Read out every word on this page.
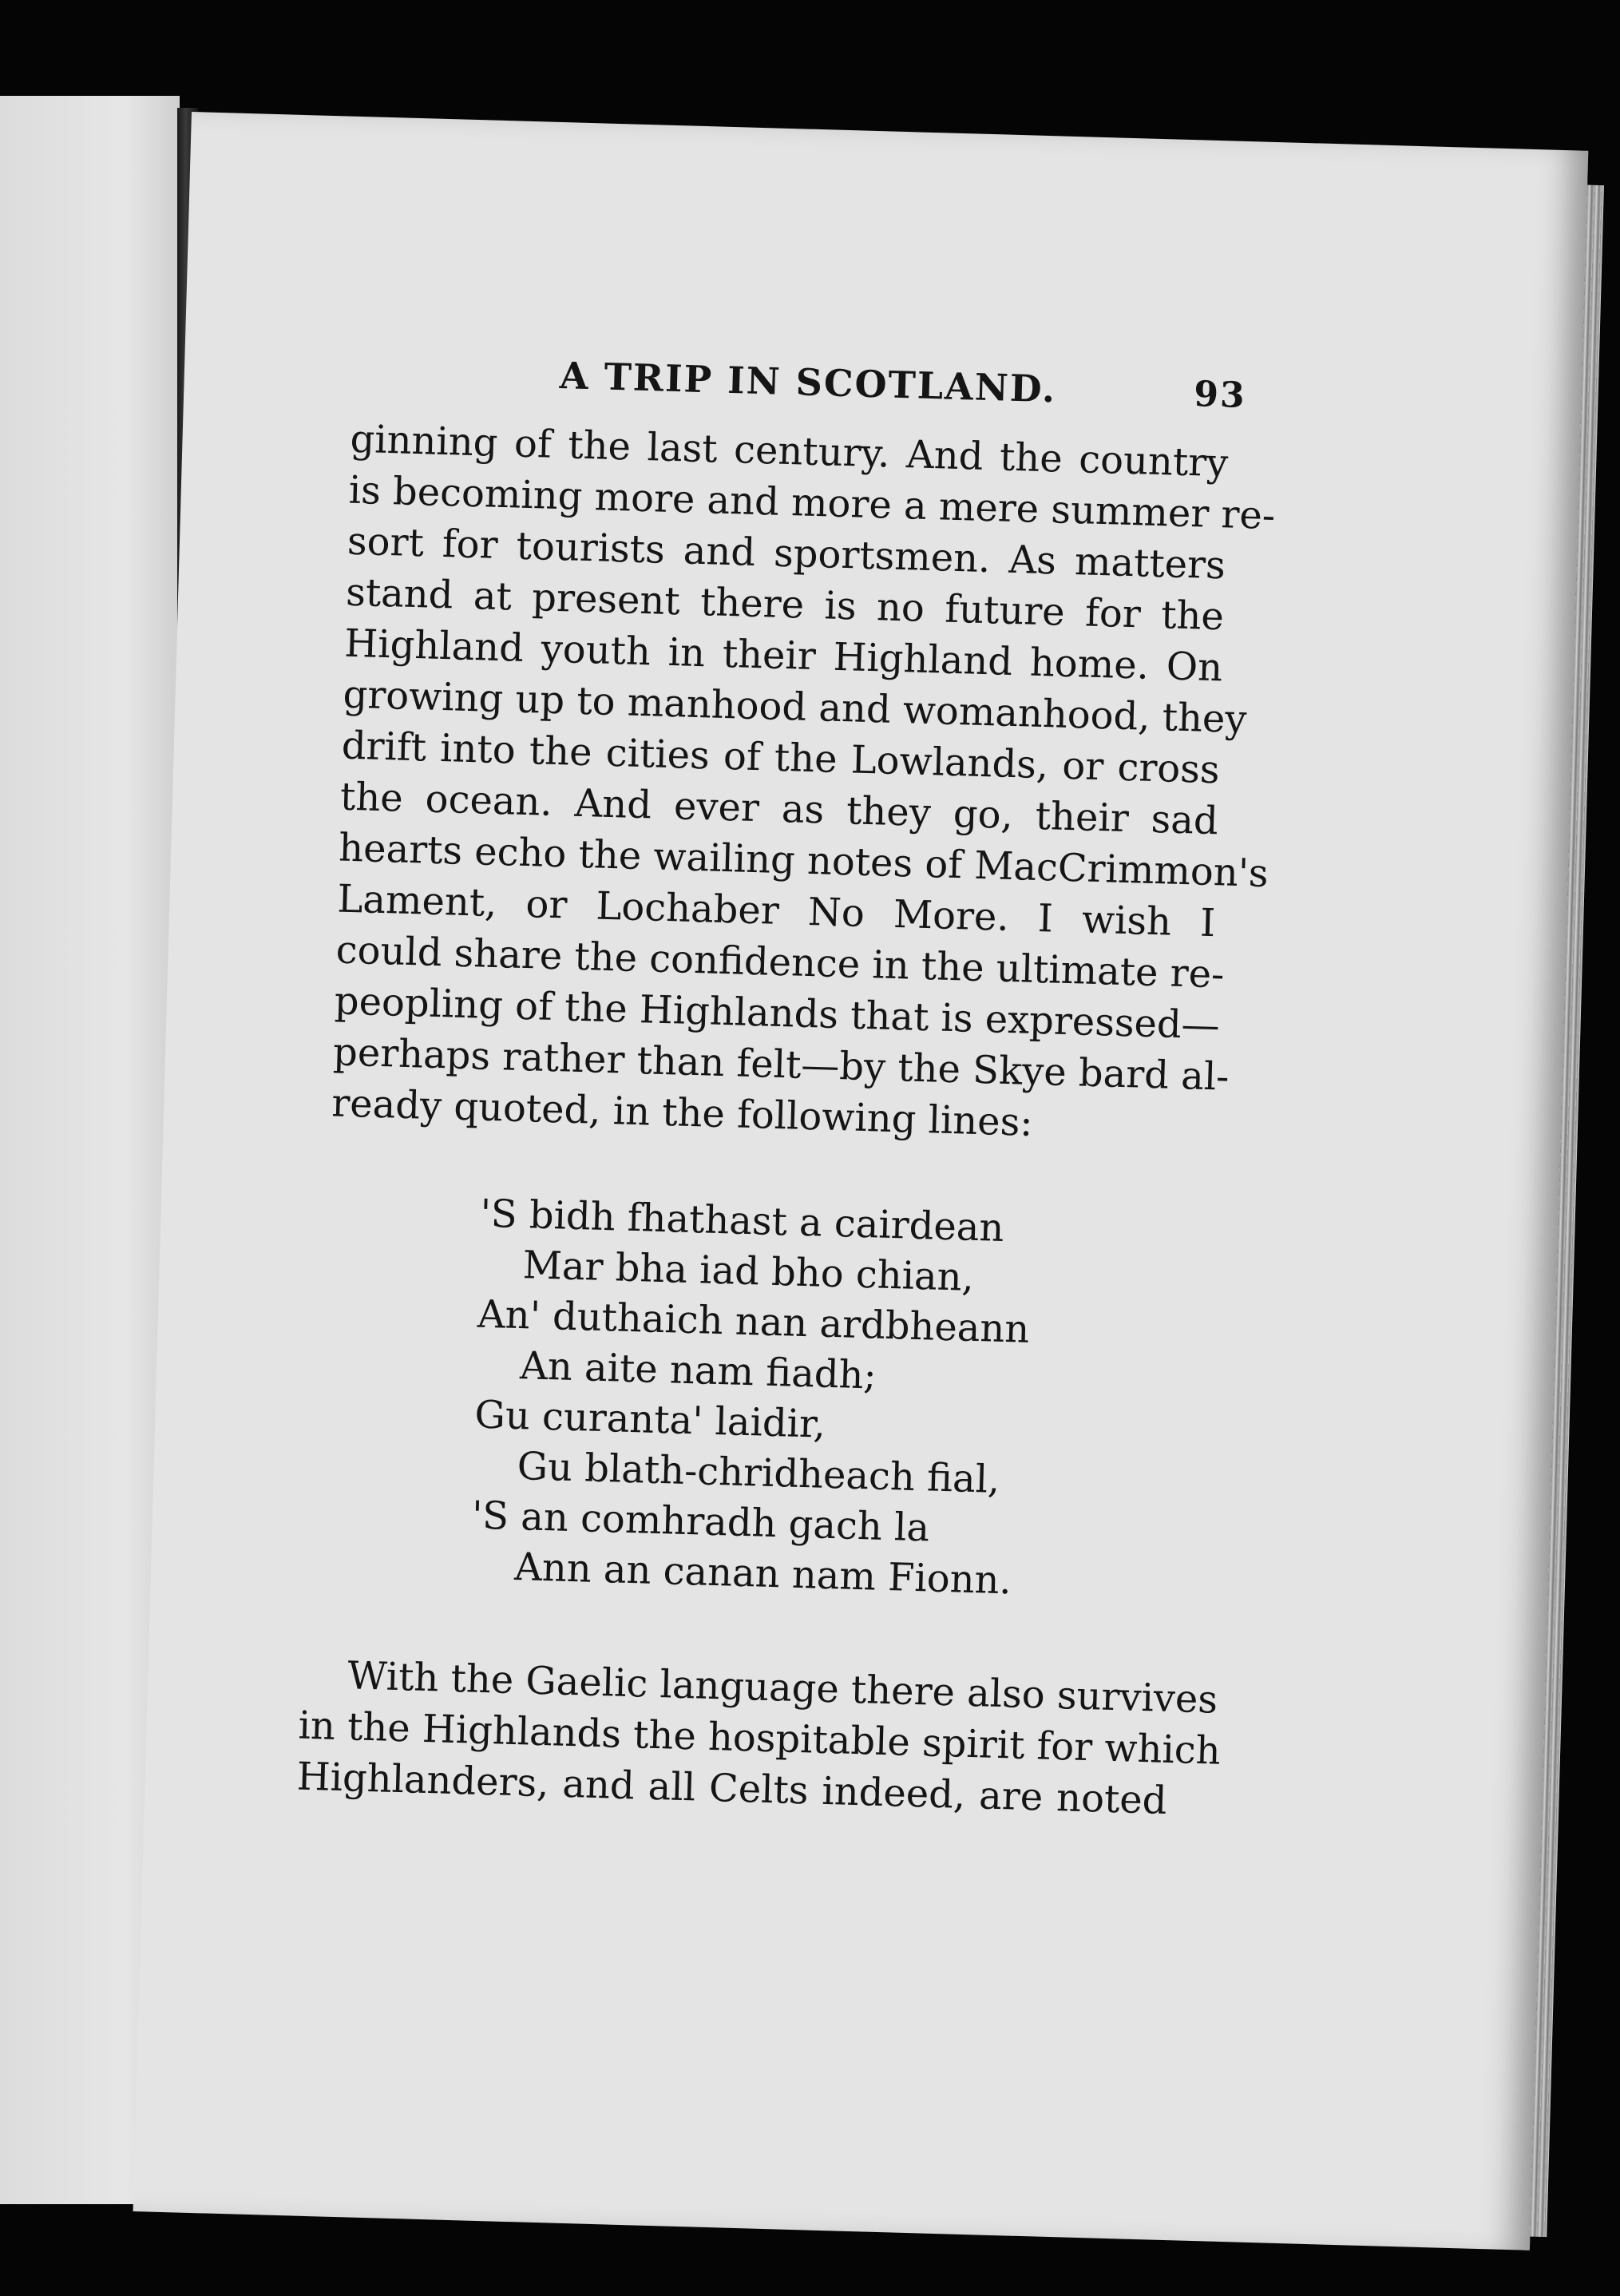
A TRIP IN SCOTLAND.	93

ginning of the last century. And the country
is becoming more and more a mere summer re-
sort for tourists and sportsmen. As matters
stand at present there is no future for the
Highland youth in their Highland home. On
growing up to manhood and womanhood, they
drift into the cities of the Lowlands, or cross
the ocean. And ever as they go, their sad
hearts echo the wailing notes of MacCrimmon's
Lament, or Lochaber No More. I wish I
could share the confidence in the ultimate re-
peopling of the Highlands that is expressed—
perhaps rather than felt—by the Skye bard al-
ready quoted, in the following lines:

'S bidh fhathast a cairdean
Mar bha iad bho chian,
An' duthaich nan ardbheann
An aite nam fiadh;
Gu curanta' laidir,
Gu blath-chridheach fial,
'S an comhradh gach la
Ann an canan nam Fionn.

With the Gaelic language there also survives
in the Highlands the hospitable spirit for which
Highlanders, and all Celts indeed, are noted
